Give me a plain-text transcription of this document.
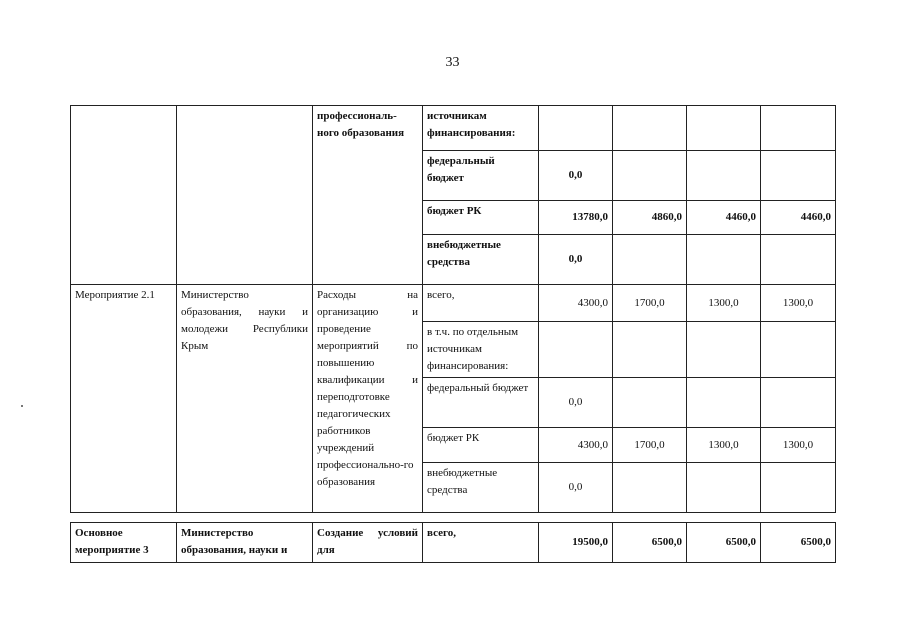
33
		профессиональ-ного образования	источникам финансирования:				
			федеральный бюджет	0,0			
			бюджет РК	13780,0	4860,0	4460,0	4460,0
			внебюджетные средства	0,0			
Мероприятие 2.1	Министерство образования, науки и молодежи Республики Крым	Расходы на организацию и проведение мероприятий по повышению квалификации и переподготовке педагогических работников учреждений профессионально-го образования	всего,	4300,0	1700,0	1300,0	1300,0
			в т.ч. по отдельным источникам финансирования:				
			федеральный бюджет	0,0			
			бюджет РК	4300,0	1700,0	1300,0	1300,0
			внебюджетные средства	0,0			
Основное мероприятие 3	Министерство образования, науки и	Создание условий для	всего,	19500,0	6500,0	6500,0	6500,0
